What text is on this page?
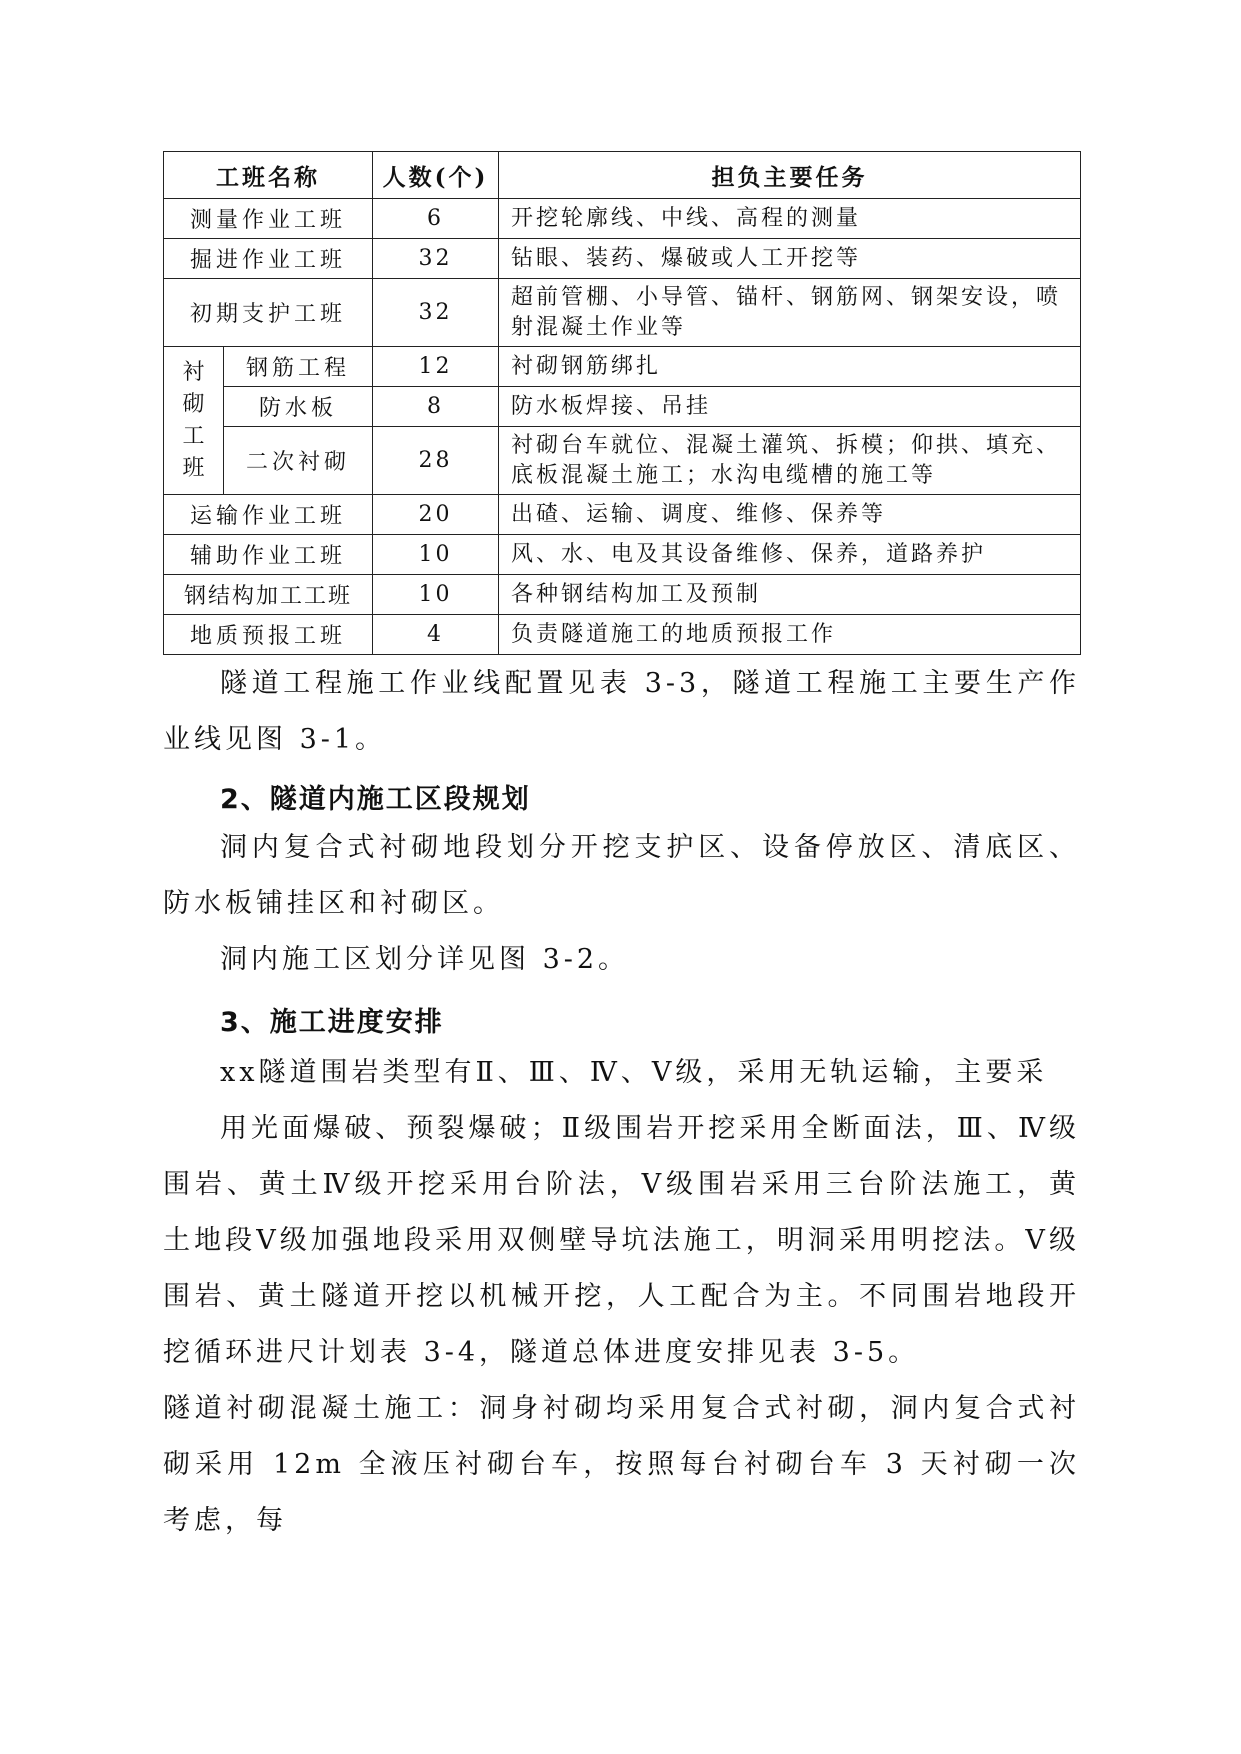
工班名称		人数(个)	担负主要任务
测量作业工班		6	开挖轮廓线、中线、高程的测量
掘进作业工班		32	钻眼、装药、爆破或人工开挖等
初期支护工班		32	超前管棚、小导管、锚杆、钢筋网、钢架安设，喷射混凝土作业等

衬
砌
工
班	钢筋工程	12	衬砌钢筋绑扎
	防水板	8	防水板焊接、吊挂
	二次衬砌	28	衬砌台车就位、混凝土灌筑、拆模；仰拱、填充、底板混凝土施工；水沟电缆槽的施工等
运输作业工班		20	出碴、运输、调度、维修、保养等
辅助作业工班		10	风、水、电及其设备维修、保养，道路养护
钢结构加工工班		10	各种钢结构加工及预制
地质预报工班		4	负责隧道施工的地质预报工作

隧道工程施工作业线配置见表 3-3，隧道工程施工主要生产作业线见图 3-1。

2、隧道内施工区段规划

洞内复合式衬砌地段划分开挖支护区、设备停放区、清底区、防水板铺挂区和衬砌区。

洞内施工区划分详见图 3-2。

3、施工进度安排

xx隧道围岩类型有Ⅱ、Ⅲ、Ⅳ、Ⅴ级，采用无轨运输，主要采

用光面爆破、预裂爆破；Ⅱ级围岩开挖采用全断面法，Ⅲ、Ⅳ级围岩、黄土Ⅳ级开挖采用台阶法，Ⅴ级围岩采用三台阶法施工，黄土地段Ⅴ级加强地段采用双侧壁导坑法施工，明洞采用明挖法。Ⅴ级围岩、黄土隧道开挖以机械开挖，人工配合为主。不同围岩地段开挖循环进尺计划表 3-4，隧道总体进度安排见表 3-5。

隧道衬砌混凝土施工：洞身衬砌均采用复合式衬砌，洞内复合式衬砌采用 12m 全液压衬砌台车，按照每台衬砌台车 3 天衬砌一次考虑，每
